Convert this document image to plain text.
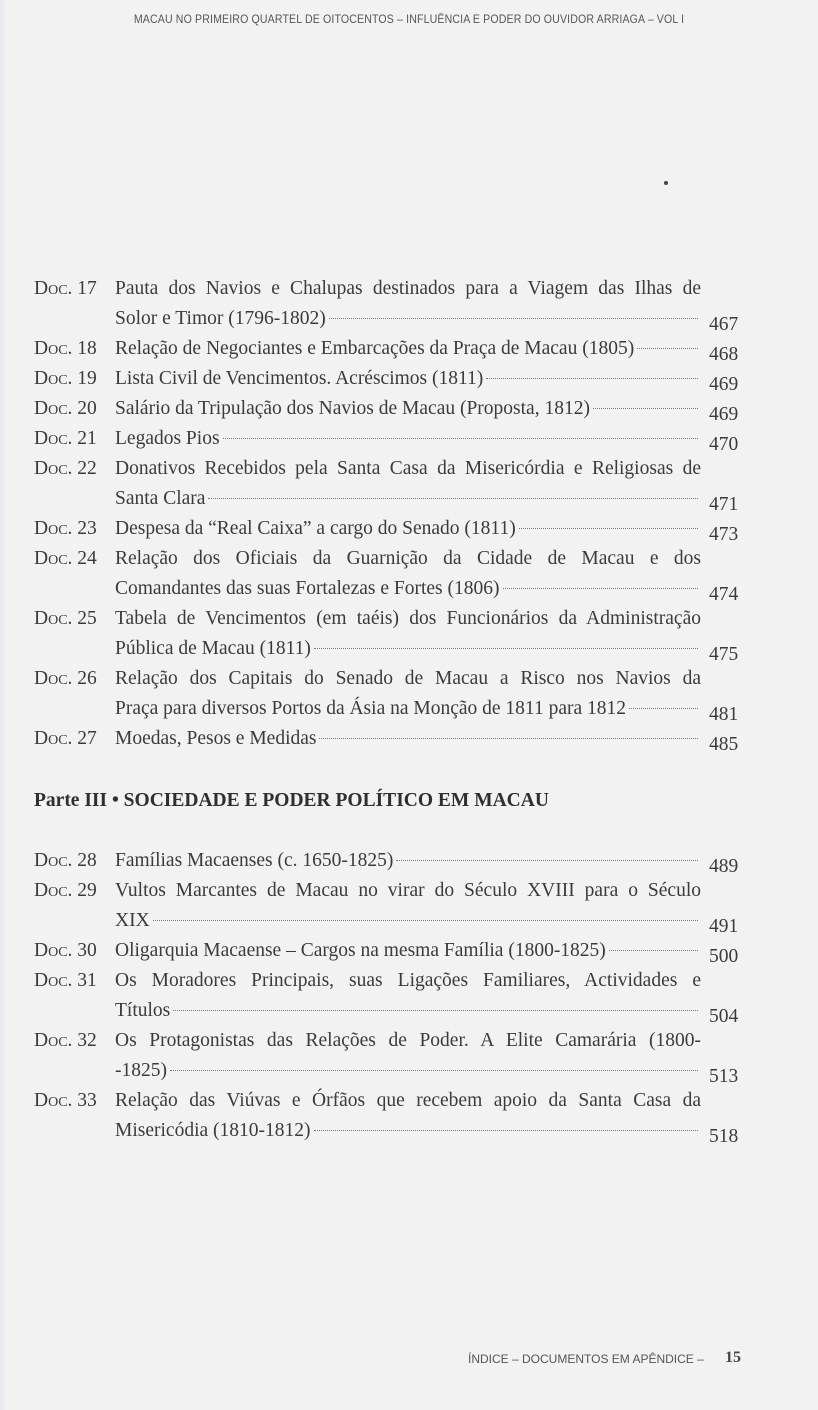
MACAU NO PRIMEIRO QUARTEL DE OITOCENTOS – INFLUÊNCIA E PODER DO OUVIDOR ARRIAGA – VOL I
Doc. 17 Pauta dos Navios e Chalupas destinados para a Viagem das Ilhas de
Solor e Timor (1796-1802)	467
Doc. 18 Relação de Negociantes e Embarcações da Praça de Macau (1805)	468
Doc. 19 Lista Civil de Vencimentos. Acréscimos (1811)	469
Doc. 20 Salário da Tripulação dos Navios de Macau (Proposta, 1812)	469
Doc. 21 Legados Pios	470
Doc. 22 Donativos Recebidos pela Santa Casa da Misericórdia e Religiosas de
Santa Clara	471
Doc. 23 Despesa da “Real Caixa” a cargo do Senado (1811)	473
Doc. 24 Relação dos Oficiais da Guarnição da Cidade de Macau e dos
Comandantes das suas Fortalezas e Fortes (1806)	474
Doc. 25 Tabela de Vencimentos (em taéis) dos Funcionários da Administração
Pública de Macau (1811)	475
Doc. 26 Relação dos Capitais do Senado de Macau a Risco nos Navios da
Praça para diversos Portos da Ásia na Monção de 1811 para 1812	481
Doc. 27 Moedas, Pesos e Medidas	485
Doc. 28 Famílias Macaenses (c. 1650-1825)	489
Doc. 29 Vultos Marcantes de Macau no virar do Século XVIII para o Século
XIX	491
Doc. 30 Oligarquia Macaense – Cargos na mesma Família (1800-1825)	500
Doc. 31 Os Moradores Principais, suas Ligações Familiares, Actividades e
Títulos	504
Doc. 32 Os Protagonistas das Relações de Poder. A Elite Camarária (1800-
-1825)	513
Doc. 33 Relação das Viúvas e Órfãos que recebem apoio da Santa Casa da
Misericódia (1810-1812)	518
Parte III • SOCIEDADE E PODER POLÍTICO EM MACAU
ÍNDICE – DOCUMENTOS EM APÊNDICE – 15
